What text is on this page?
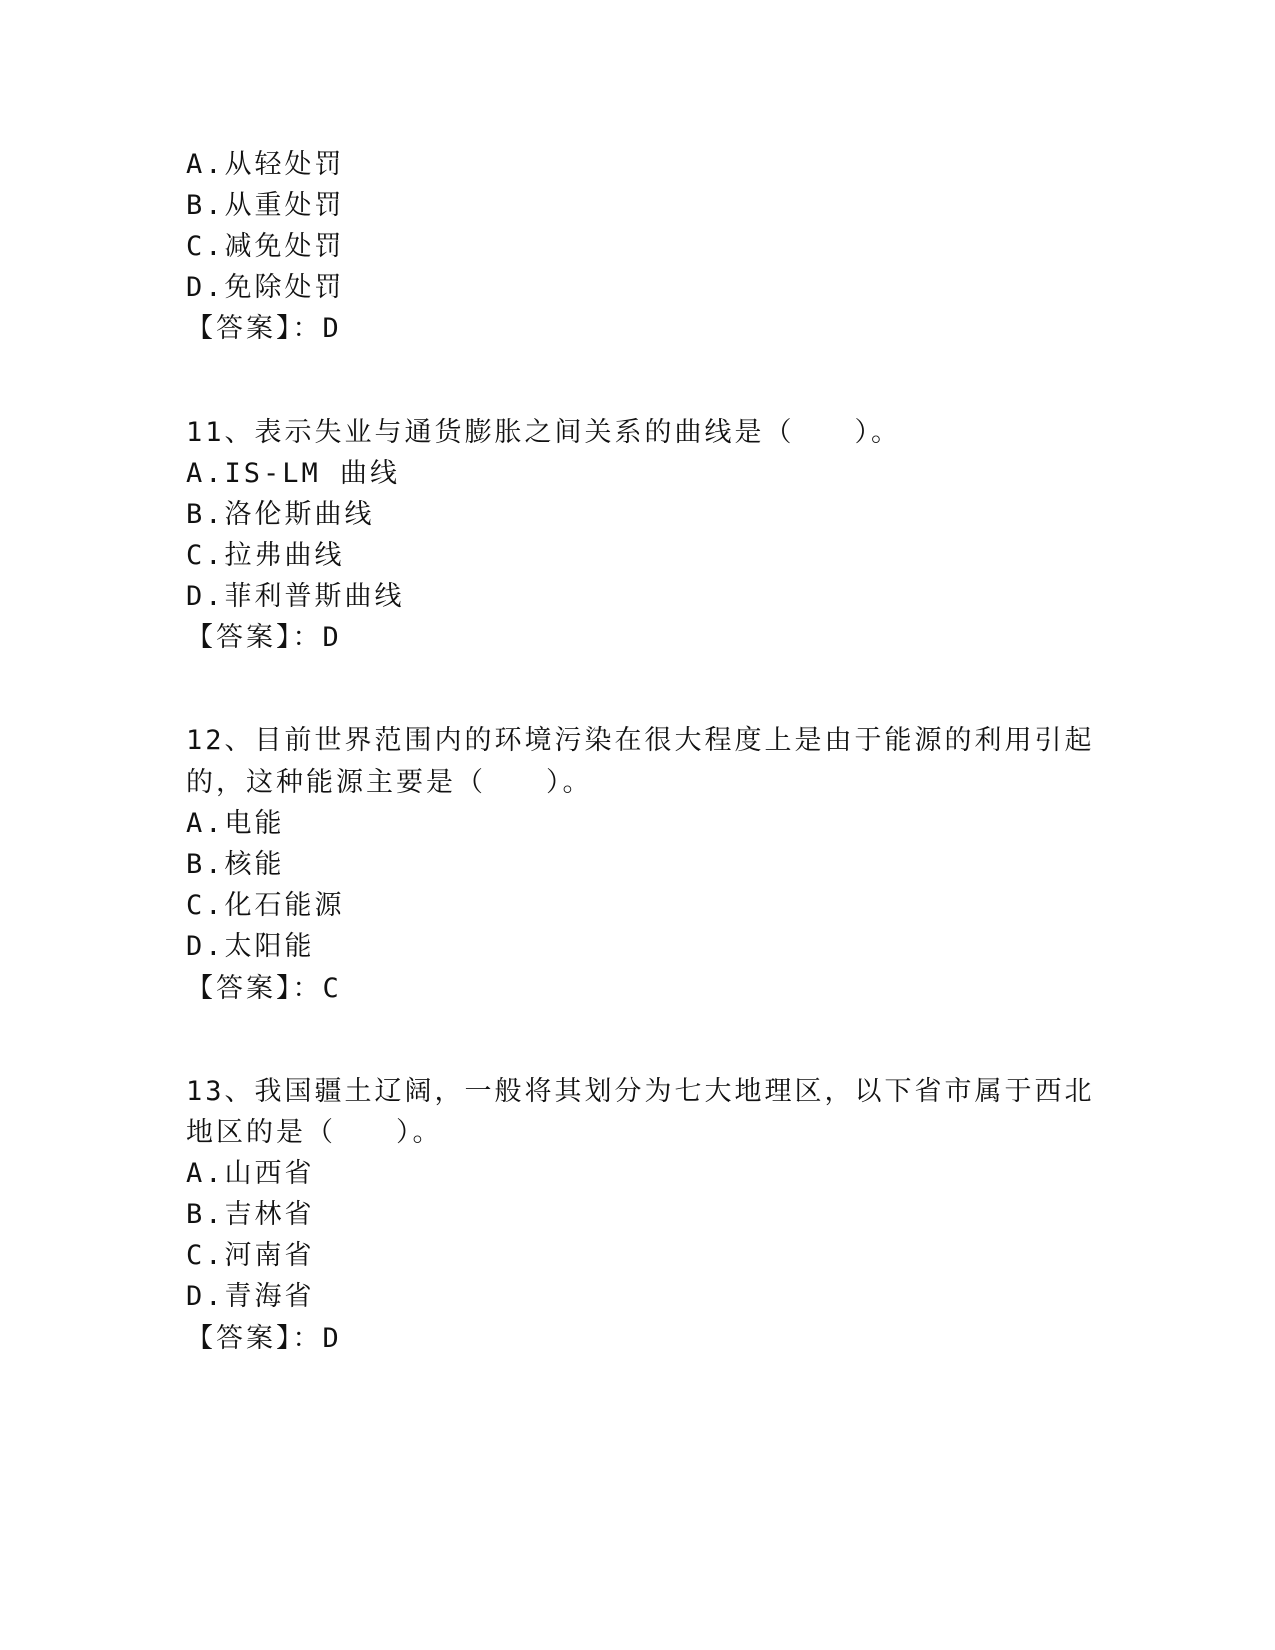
A.从轻处罚
B.从重处罚
C.减免处罚
D.免除处罚
【答案】：D
11、表示失业与通货膨胀之间关系的曲线是（　　）。
A.IS-LM 曲线
B.洛伦斯曲线
C.拉弗曲线
D.菲利普斯曲线
【答案】：D
12、目前世界范围内的环境污染在很大程度上是由于能源的利用引起
的，这种能源主要是（　　）。
A.电能
B.核能
C.化石能源
D.太阳能
【答案】：C
13、我国疆土辽阔，一般将其划分为七大地理区，以下省市属于西北
地区的是（　　）。
A.山西省
B.吉林省
C.河南省
D.青海省
【答案】：D
